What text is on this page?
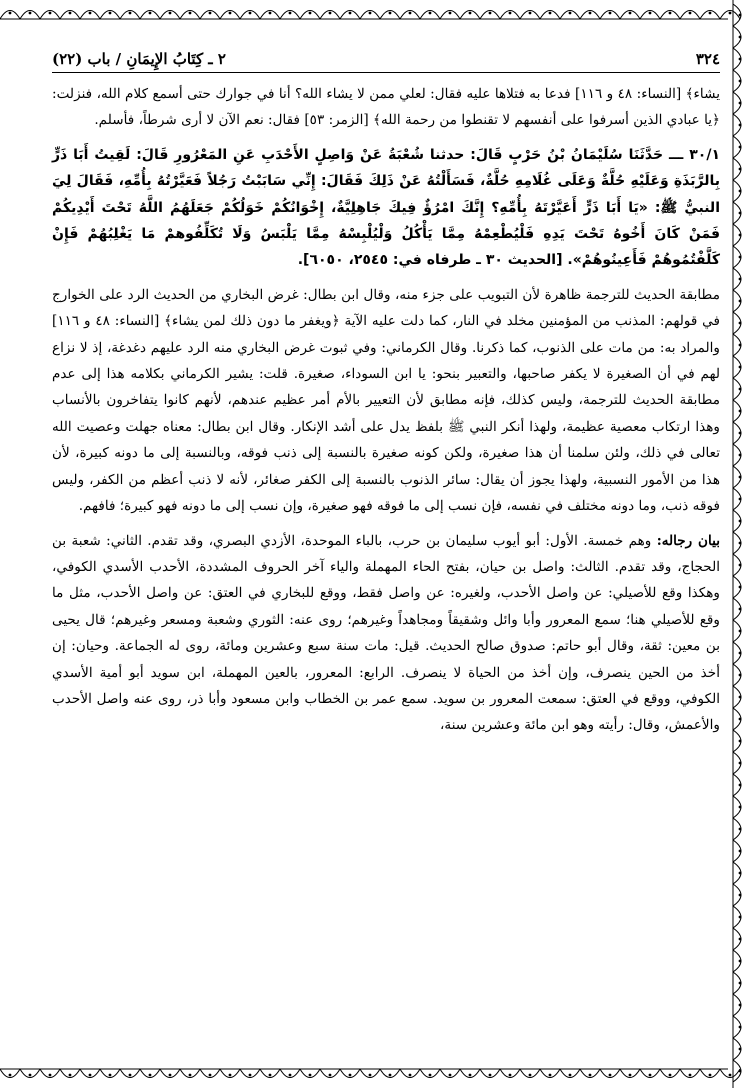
٣٢٤
٢ ـ كِتَابُ الإِيمَانِ / باب (٢٢)

يشاء﴾ [النساء: ٤٨ و ١١٦] فدعا به فتلاها عليه فقال: لعلي ممن لا يشاء الله؟ أنا في جوارك حتى أسمع كلام الله، فنزلت: ﴿يا عبادي الذين أسرفوا على أنفسهم لا تقنطوا من رحمة الله﴾ [الزمر: ٥٣] فقال: نعم الآن لا أرى شرطاً، فأسلم.

٣٠/١ ـــ حَدَّثَنَا سُلَيْمَانُ بْنُ حَرْبٍ قَالَ: حدثنا شُعْبَةُ عَنْ وَاصِلٍ الأَحْدَبِ عَنِ المَعْرُورِ قَالَ: لَقِيتُ أَبَا ذَرٍّ بِالرَّبَذَةِ وَعَلَيْهِ حُلَّةٌ وَعَلَى غُلَامِهِ حُلَّةٌ، فَسَأَلْتُهُ عَنْ ذَلِكَ فَقَالَ: إِنِّي سَابَبْتُ رَجُلاً فَعَيَّرْتُهُ بِأُمِّهِ، فَقَالَ لِيَ النبيُّ ﷺ: «يَا أَبَا ذَرٍّ أَعَيَّرْتَهُ بِأُمِّهِ؟ إِنَّكَ امْرُؤٌ فِيكَ جَاهِلِيَّةٌ، إِخْوَانُكُمْ خَوَلُكُمْ جَعَلَهُمُ اللَّهُ تَحْتَ أَيْدِيكُمْ فَمَنْ كَانَ أَخُوهُ تَحْتَ يَدِهِ فَلْيُطْعِمْهُ مِمَّا يَأْكُلُ وَلْيُلْبِسْهُ مِمَّا يَلْبَسُ وَلَا تُكَلِّفُوهمْ مَا يَغْلِبُهُمْ فَإِنْ كَلَّفْتُمُوهُمْ فَأَعِينُوهُمْ». [الحديث ٣٠ ـ طرفاه في: ٢٥٤٥، ٦٠٥٠].

مطابقة الحديث للترجمة ظاهرة لأن التبويب على جزء منه، وقال ابن بطال: غرض البخاري من الحديث الرد على الخوارج في قولهم: المذنب من المؤمنين مخلد في النار، كما دلت عليه الآية ﴿ويغفر ما دون ذلك لمن يشاء﴾ [النساء: ٤٨ و ١١٦] والمراد به: من مات على الذنوب، كما ذكرنا. وقال الكرماني: وفي ثبوت غرض البخاري منه الرد عليهم دغدغة، إذ لا نزاع لهم في أن الصغيرة لا يكفر صاحبها، والتعبير بنحو: يا ابن السوداء، صغيرة. قلت: يشير الكرماني بكلامه هذا إلى عدم مطابقة الحديث للترجمة، وليس كذلك، فإنه مطابق لأن التعيير بالأم أمر عظيم عندهم، لأنهم كانوا يتفاخرون بالأنساب وهذا ارتكاب معصية عظيمة، ولهذا أنكر النبي ﷺ بلفظ يدل على أشد الإنكار. وقال ابن بطال: معناه جهلت وعصيت الله تعالى في ذلك، ولئن سلمنا أن هذا صغيرة، ولكن كونه صغيرة بالنسبة إلى ذنب فوقه، وبالنسبة إلى ما دونه كبيرة، لأن هذا من الأمور النسبية، ولهذا يجوز أن يقال: سائر الذنوب بالنسبة إلى الكفر صغائر، لأنه لا ذنب أعظم من الكفر، وليس فوقه ذنب، وما دونه مختلف في نفسه، فإن نسب إلى ما فوقه فهو صغيرة، وإن نسب إلى ما دونه فهو كبيرة؛ فافهم.

بيان رجاله: وهم خمسة. الأول: أبو أيوب سليمان بن حرب، بالباء الموحدة، الأزدي البصري، وقد تقدم. الثاني: شعبة بن الحجاج، وقد تقدم. الثالث: واصل بن حيان، بفتح الحاء المهملة والياء آخر الحروف المشددة، الأحدب الأسدي الكوفي، وهكذا وقع للأصيلي: عن واصل الأحدب، ولغيره: عن واصل فقط، ووقع للبخاري في العتق: عن واصل الأحدب، مثل ما وقع للأصيلي هنا؛ سمع المعرور وأبا وائل وشقيقاً ومجاهداً وغيرهم؛ روى عنه: الثوري وشعبة ومسعر وغيرهم؛ قال يحيى بن معين: ثقة، وقال أبو حاتم: صدوق صالح الحديث. قيل: مات سنة سبع وعشرين ومائة، روى له الجماعة. وحيان: إن أخذ من الحين ينصرف، وإن أخذ من الحياة لا ينصرف. الرابع: المعرور، بالعين المهملة، ابن سويد أبو أمية الأسدي الكوفي، ووقع في العتق: سمعت المعرور بن سويد. سمع عمر بن الخطاب وابن مسعود وأبا ذر، روى عنه واصل الأحدب والأعمش، وقال: رأيته وهو ابن مائة وعشرين سنة،
